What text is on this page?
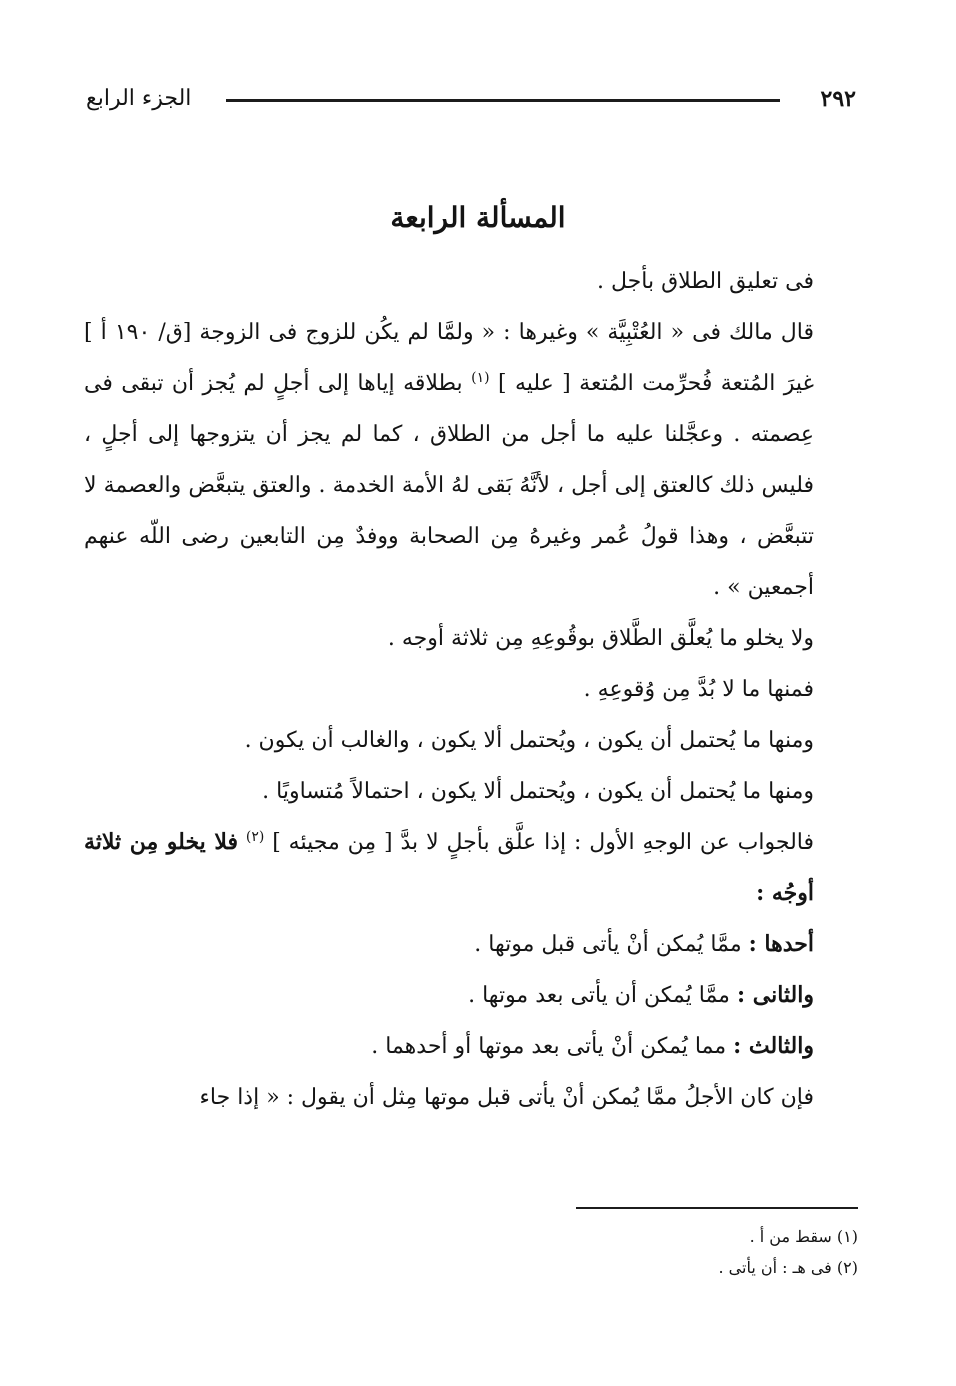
٢٩٢
الجزء الرابع
المسألة الرابعة

فى تعليق الطلاق بأجل .

قال مالك فى « العُتْبِيَّة » وغيرها : « ولمَّا لم يكُن للزوج فى الزوجة [ق/ ١٩٠ أ ] غيرَ المُتعة فُحرِّمت المُتعة [ عليه ] $^{(١)}$ بطلاقه إياها إلى أجلٍ لم يُجز أن تبقى فى عِصمته . وعجَّلنا عليه ما أجل من الطلاق ، كما لم يجز أن يتزوجها إلى أجلٍ ، فليس ذلك كالعتق إلى أجل ، لأنَّهُ بَقى لهُ الأمة الخدمة . والعتق يتبعَّض والعصمة لا تتبعَّض ، وهذا قولُ عُمر وغيرهُ مِن الصحابة ووفدٌ مِن التابعين رضى اللّه عنهم أجمعين » .

ولا يخلو ما يُعلَّق الطَّلاق بوقُوعِهِ مِن ثلاثة أوجه .

فمنها ما لا بُدَّ مِن وُقوعِهِ .

ومنها ما يُحتمل أن يكون ، ويُحتمل ألا يكون ، والغالب أن يكون .

ومنها ما يُحتمل أن يكون ، ويُحتمل ألا يكون ، احتمالاً مُتساويًا .

فالجواب عن الوجهِ الأول : إذا علَّق بأجلٍ لا بدَّ [ مِن مجيئه ] $^{(٢)}$ فلا يخلو مِن ثلاثة أوجُه :

أحدها : ممَّا يُمكن أنْ يأتى قبل موتها .

والثانى : ممَّا يُمكن أن يأتى بعد موتها .

والثالث : مما يُمكن أنْ يأتى بعد موتها أو أحدهما .

فإن كان الأجلُ ممَّا يُمكن أنْ يأتى قبل موتها مِثل أن يقول : « إذا جاء

(١) سقط من أ .

(٢) فى هـ : أن يأتى .
